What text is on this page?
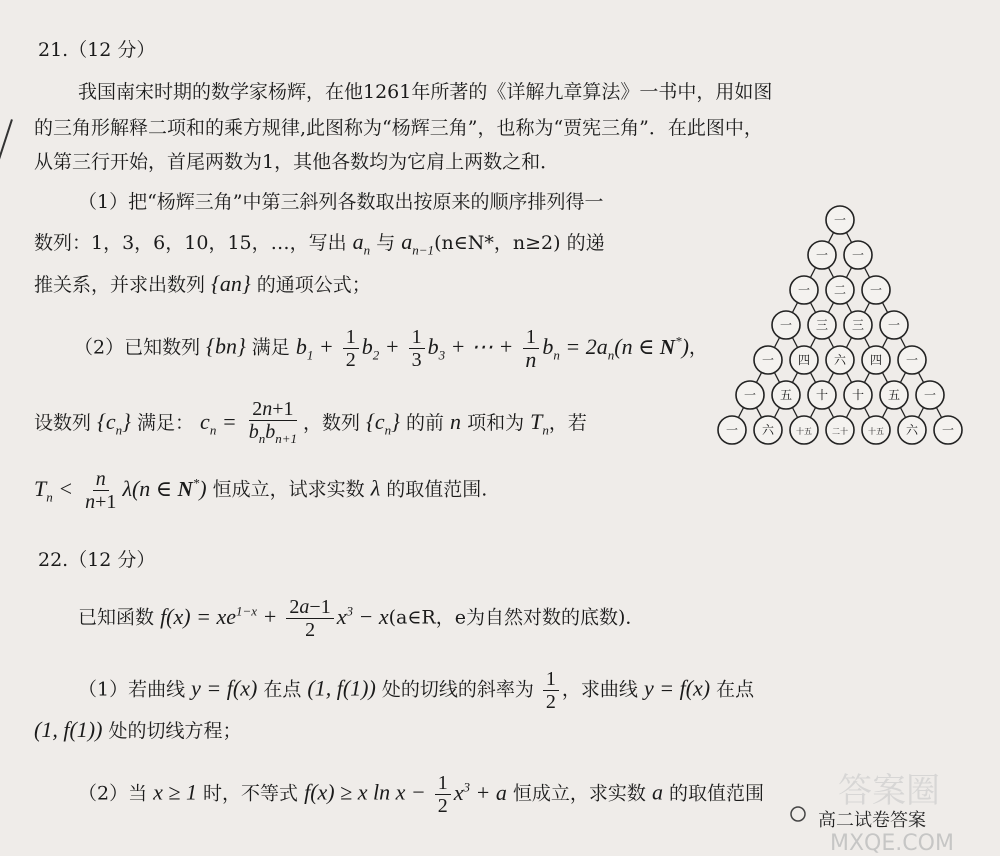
21.（12 分）
我国南宋时期的数学家杨辉，在他1261年所著的《详解九章算法》一书中，用如图
的三角形解释二项和的乘方规律,此图称为“杨辉三角”，也称为“贾宪三角”．在此图中，
从第三行开始，首尾两数为1，其他各数均为它肩上两数之和．
（1）把“杨辉三角”中第三斜列各数取出按原来的顺序排列得一
数列：1，3，6，10，15，…，写出 $a_n$ 与 $a_{n-1}(n\in N*$，n≥2) 的递
推关系，并求出数列 {an} 的通项公式；
（2）已知数列 {bn} 满足 $b_1 + \frac{1}{2} b_2 + \frac{1}{3} b_3$ + ⋯ + $\frac{1}{n} b_n = 2a_n(n$ ∈ N*)，
设数列 $\{c_n\}$ 满足： $c_n = \frac{2n+1}{b_nb_{n+1}}$ ，数列 $\{c_n\}$ 的前 n 项和为 $T_n$，若
$T_n < \frac{n}{n+1} \lambda(n$ ∈ N*) 恒成立，试求实数 λ 的取值范围.
一
一 一
一 二 一
一 三 三 一
一 四 六 四 一
一 五 十 十 五 一
一 六	十五	二十	十五 六 一
22.（12 分）
已知函数 $f(x) = xe^{1-x} + \frac{2a-1}{2} x^3$ − x(a∈R，e为自然对数的底数)．
（1）若曲线 y = f(x) 在点 (1, f(1)) 处的切线的斜率为 $\frac{1}{2}$ ，求曲线 y = f(x) 在点
(1, f(1)) 处的切线方程；
（2）当 x ≥ 1 时，不等式 f(x) ≥ x $\ln x - \frac{1}{2} x^3 + a$ 恒成立，求实数 a 的取值范围 答案圈
高二试卷答案
MXQE.COM
